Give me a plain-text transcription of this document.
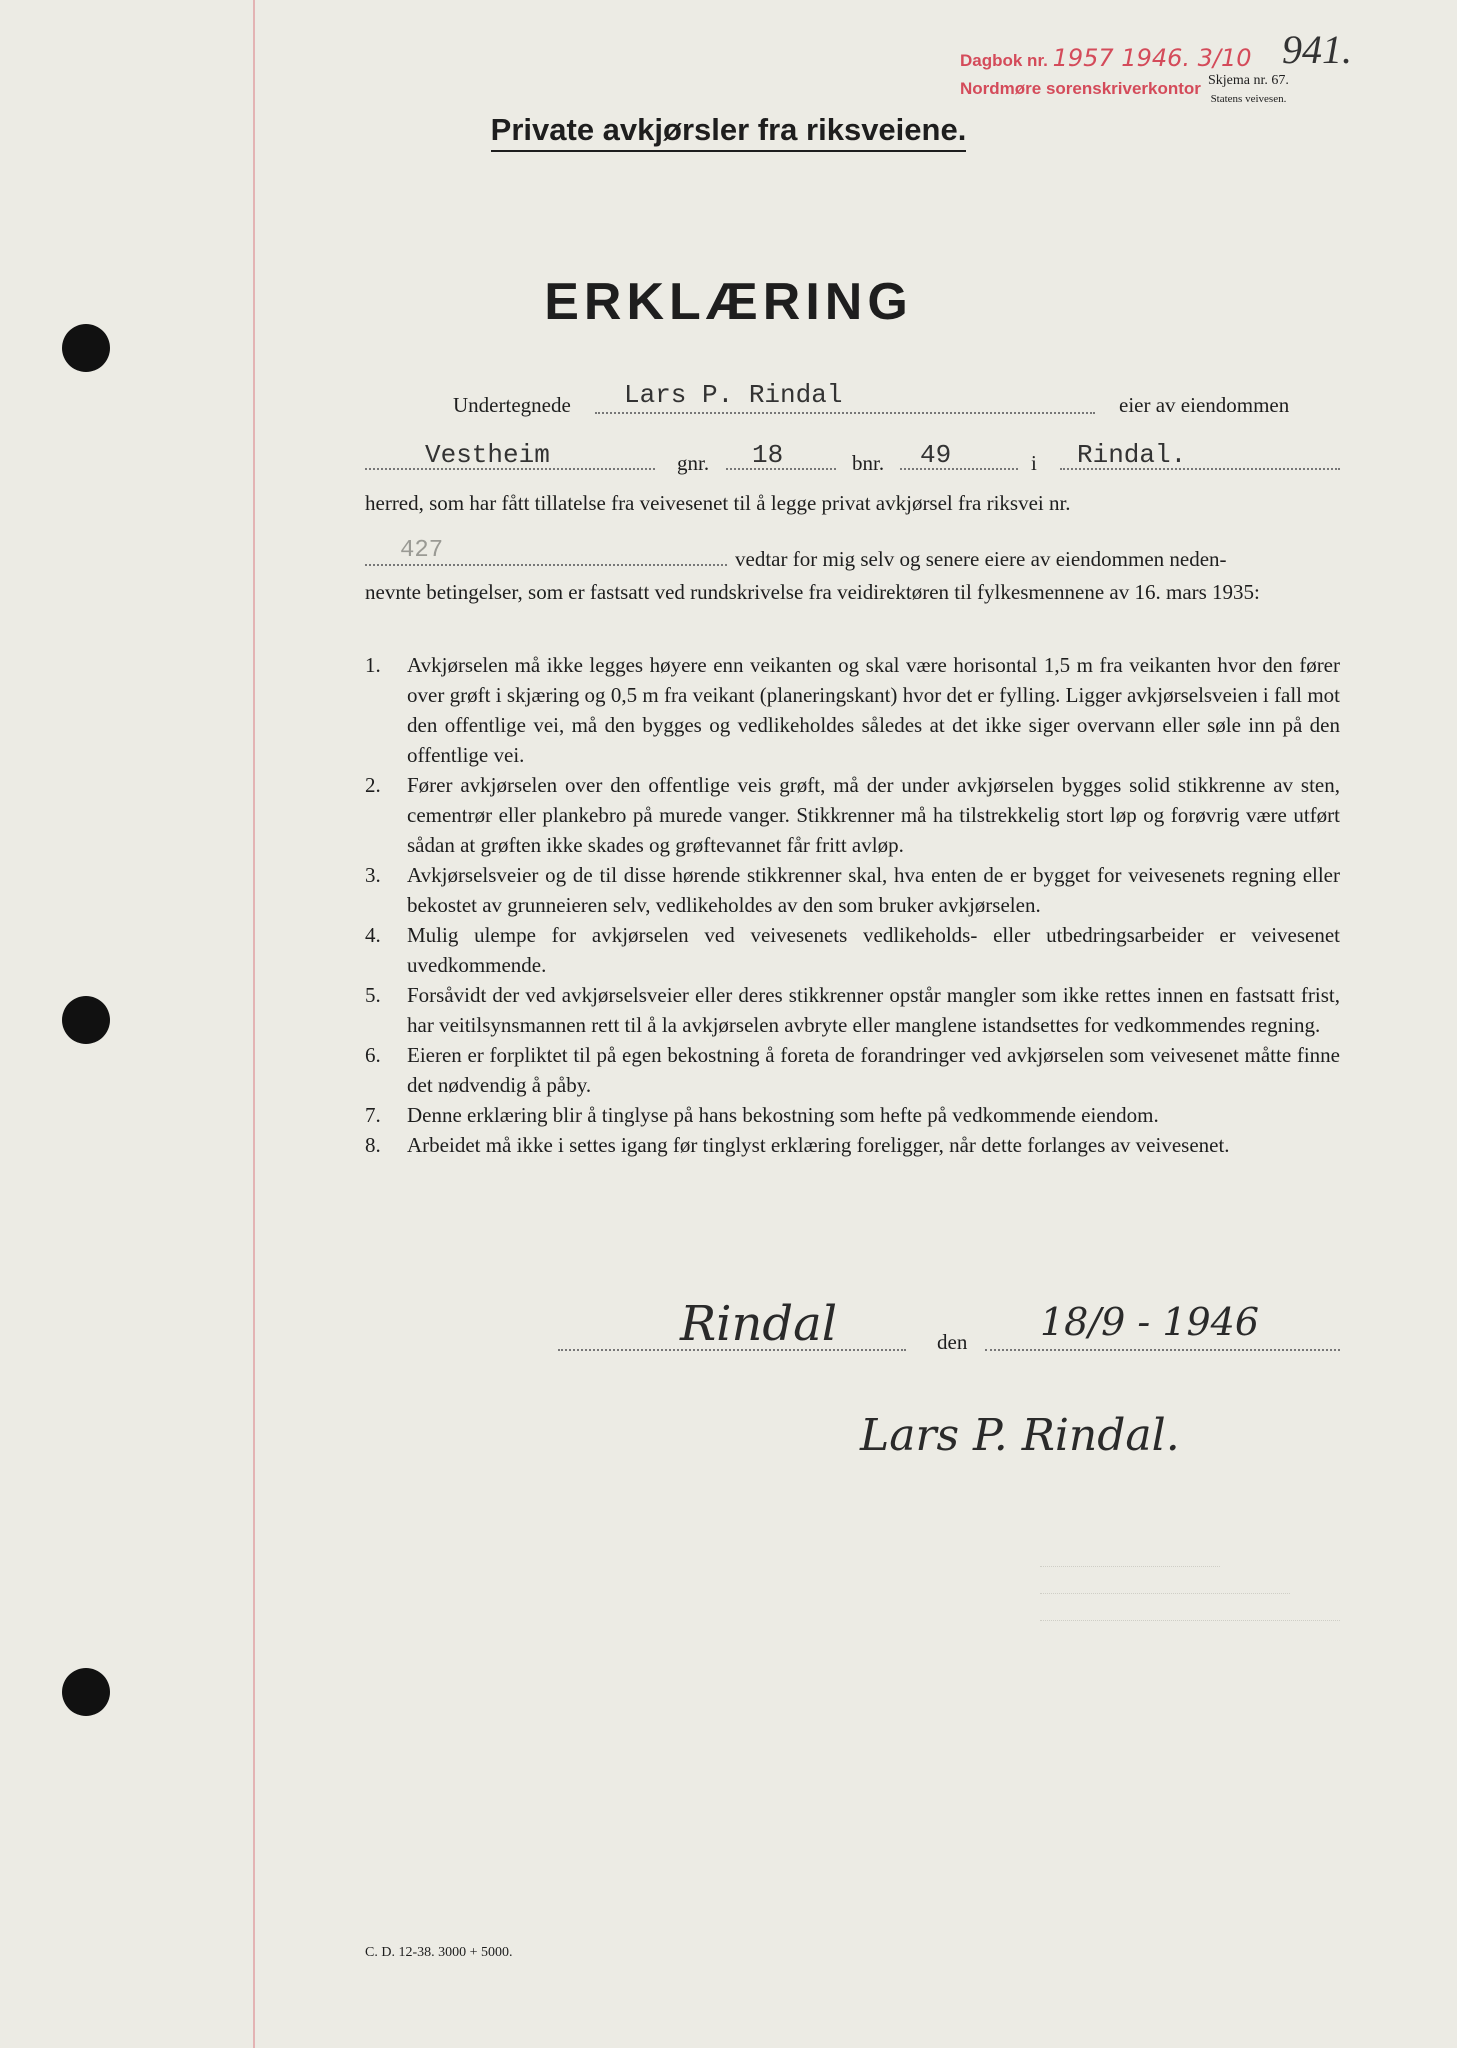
Dagbok nr. 1957 1946. 3/10
Nordmøre sorenskriverkontor
941.
Skjema nr. 67.
Statens veivesen.
Private avkjørsler fra riksveiene.
ERKLÆRING
Undertegnede Lars P. Rindal	eier av eiendommen
Vestheim	gnr. 18	bnr. 49	i Rindal.
herred, som har fått tillatelse fra veivesenet til å legge privat avkjørsel fra riksvei nr.
427	vedtar for mig selv og senere eiere av eiendommen neden-
nevnte betingelser, som er fastsatt ved rundskrivelse fra veidirektøren til fylkesmennene av 16. mars 1935:
1. Avkjørselen må ikke legges høyere enn veikanten og skal være horisontal 1,5 m fra veikanten hvor den fører over grøft i skjæring og 0,5 m fra veikant (planeringskant) hvor det er fylling. Ligger avkjørselsveien i fall mot den offentlige vei, må den bygges og vedlikeholdes således at det ikke siger overvann eller søle inn på den offentlige vei.
2. Fører avkjørselen over den offentlige veis grøft, må der under avkjørselen bygges solid stikkrenne av sten, cementrør eller plankebro på murede vanger. Stikkrenner må ha tilstrekkelig stort løp og forøvrig være utført sådan at grøften ikke skades og grøftevannet får fritt avløp.
3. Avkjørselsveier og de til disse hørende stikkrenner skal, hva enten de er bygget for veivesenets regning eller bekostet av grunneieren selv, vedlikeholdes av den som bruker avkjørselen.
4. Mulig ulempe for avkjørselen ved veivesenets vedlikeholds- eller utbedringsarbeider er veivesenet uvedkommende.
5. Forsåvidt der ved avkjørselsveier eller deres stikkrenner opstår mangler som ikke rettes innen en fastsatt frist, har veitilsynsmannen rett til å la avkjørselen avbryte eller manglene istandsettes for vedkommendes regning.
6. Eieren er forpliktet til på egen bekostning å foreta de forandringer ved avkjørselen som veivesenet måtte finne det nødvendig å påby.
7. Denne erklæring blir å tinglyse på hans bekostning som hefte på vedkommende eiendom.
8. Arbeidet må ikke i settes igang før tinglyst erklæring foreligger, når dette forlanges av veivesenet.
Rindal	den 18/9 - 1946
Lars P. Rindal.
C. D. 12-38. 3000 + 5000.
